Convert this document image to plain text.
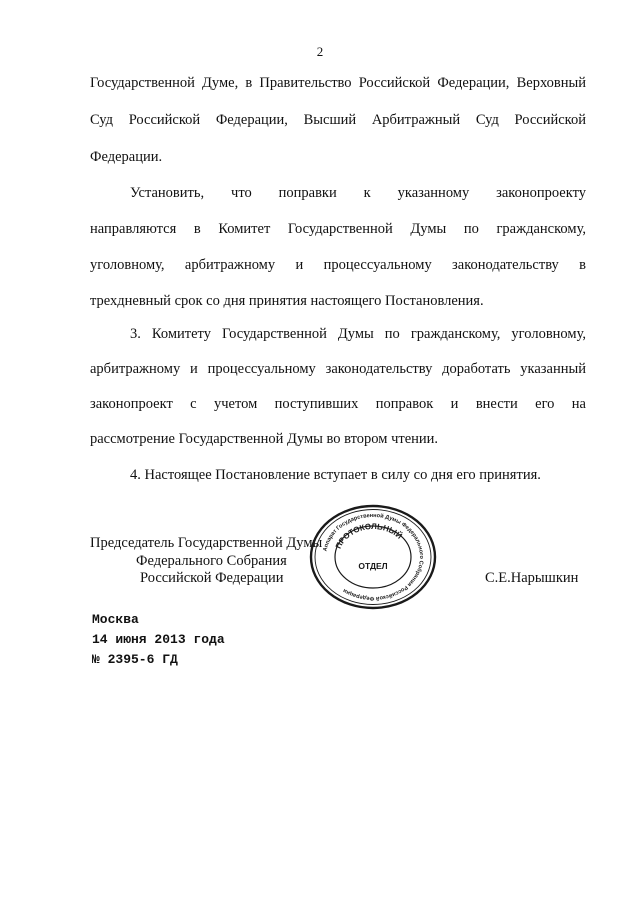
2
Государственной Думе, в Правительство Российской Федерации, Верховный
Суд Российской Федерации, Высший Арбитражный Суд Российской
Федерации.
Установить, что поправки к указанному законопроекту
направляются в Комитет Государственной Думы по гражданскому,
уголовному, арбитражному и процессуальному законодательству в
трехдневный срок со дня принятия настоящего Постановления.
3. Комитету Государственной Думы по гражданскому, уголовному,
арбитражному и процессуальному законодательству доработать указанный
законопроект с учетом поступивших поправок и внести его на
рассмотрение Государственной Думы во втором чтении.
4. Настоящее Постановление вступает в силу со дня его принятия.
Председатель Государственной Думы
Федерального Собрания
Российской Федерации	С.Е.Нарышкин
Аппарат Государственной Думы Федерального Собрания Российской Федерации
ПРОТОКОЛЬНЫЙ
ОТДЕЛ
Москва
14 июня 2013 года
№ 2395-6 ГД
